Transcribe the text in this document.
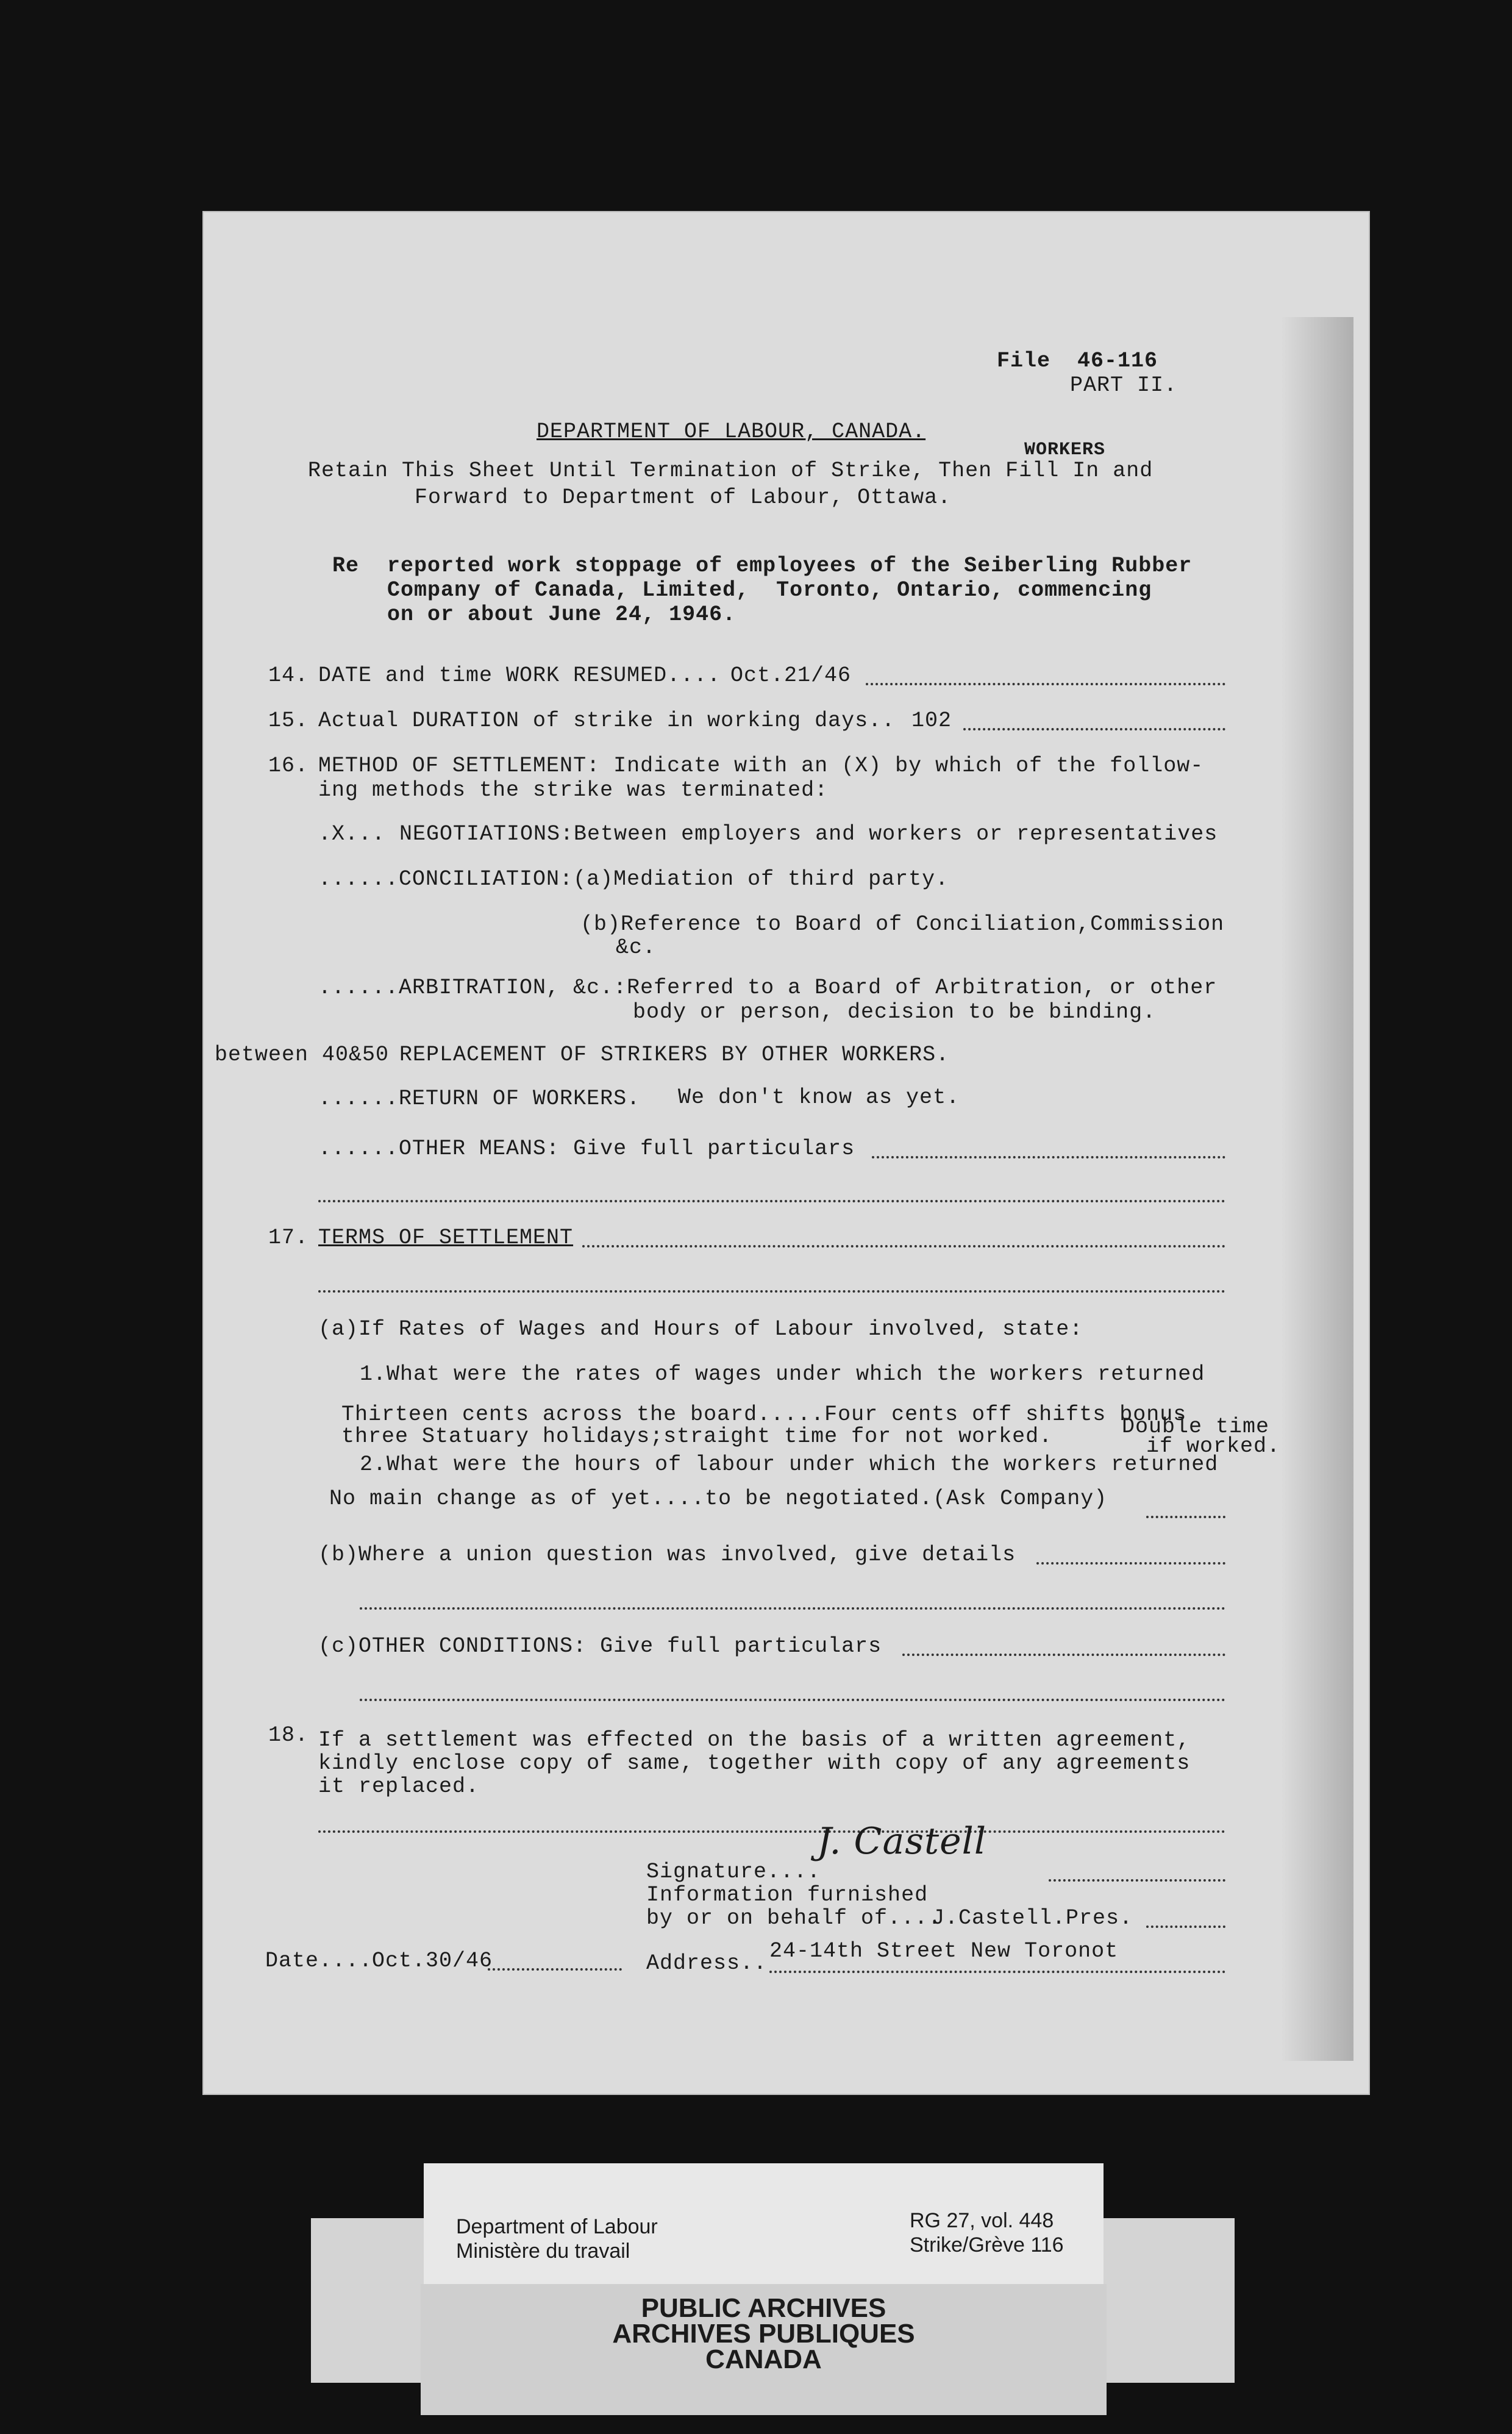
File  46-116
PART II.
DEPARTMENT OF LABOUR, CANADA.
WORKERS
Retain This Sheet Until Termination of Strike, Then Fill In and
Forward to Department of Labour, Ottawa.
Re reported work stoppage of employees of the Seiberling Rubber
Company of Canada, Limited,  Toronto, Ontario, commencing
on or about June 24, 1946.
14. DATE and time WORK RESUMED.... Oct.21/46
15. Actual DURATION of strike in working days.. 102
16. METHOD OF SETTLEMENT: Indicate with an (X) by which of the follow-
ing methods the strike was terminated:
.X... NEGOTIATIONS:Between employers and workers or representatives
......CONCILIATION:(a)Mediation of third party.
(b)Reference to Board of Conciliation,Commission
&c.
......ARBITRATION, &c.:Referred to a Board of Arbitration, or other
body or person, decision to be binding.
between 40&50 REPLACEMENT OF STRIKERS BY OTHER WORKERS.
......RETURN OF WORKERS. We don't know as yet.
......OTHER MEANS: Give full particulars
17. TERMS OF SETTLEMENT
(a)If Rates of Wages and Hours of Labour involved, state:
1.What were the rates of wages under which the workers returned
Thirteen cents across the board.....Four cents off shifts bonus
three Statuary holidays;straight time for not worked.	Double time
if worked.
2.What were the hours of labour under which the workers returned
No main change as of yet....to be negotiated.(Ask Company)
(b)Where a union question was involved, give details
(c)OTHER CONDITIONS: Give full particulars
18. If a settlement was effected on the basis of a written agreement,
kindly enclose copy of same, together with copy of any agreements
it replaced.
Signature....
J. Castell
Information furnished
by or on behalf of....
J.Castell.Pres.
Date....
Oct.30/46	Address.. 24-14th Street New Toronot
Department of Labour
Ministère du travail
RG 27, vol. 448
Strike/Grève 116
PUBLIC ARCHIVES
ARCHIVES PUBLIQUES
CANADA
